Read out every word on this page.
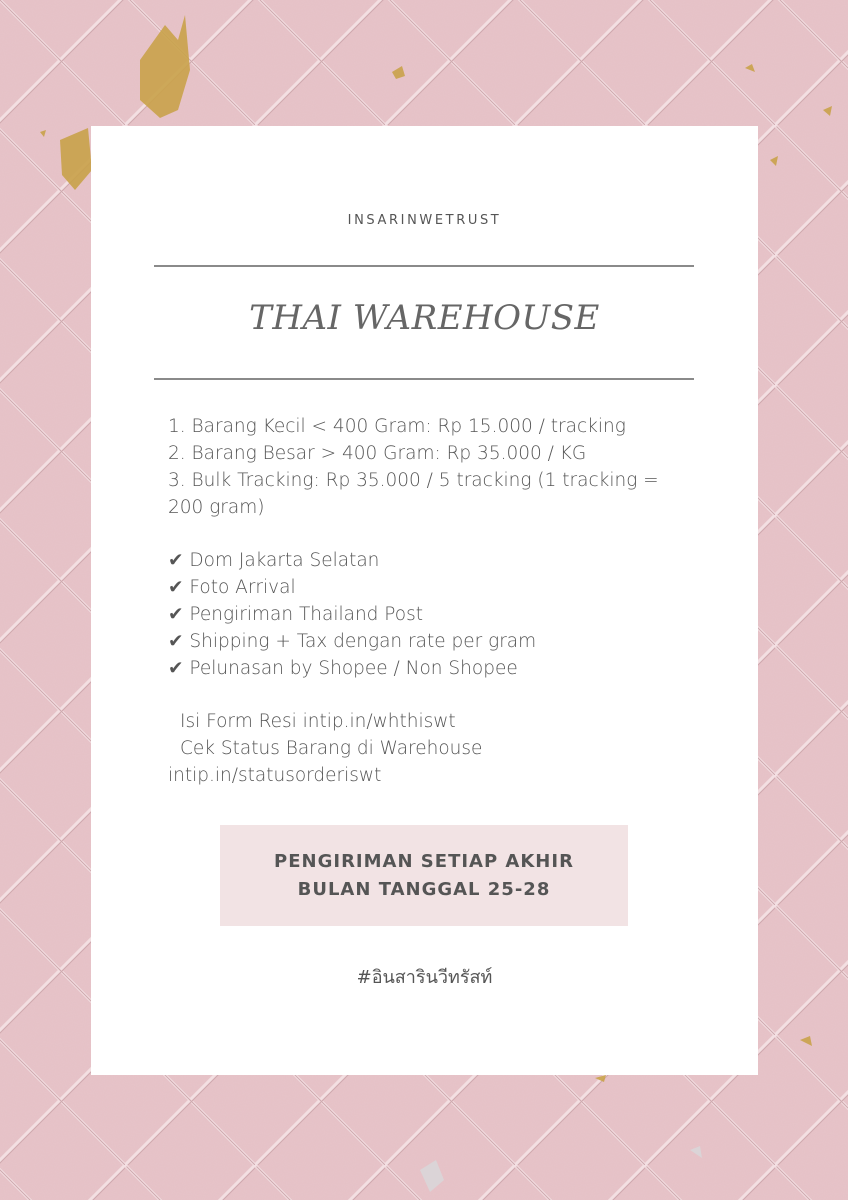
INSARINWETRUST
THAI WAREHOUSE
1. Barang Kecil < 400 Gram: Rp 15.000 / tracking
2. Barang Besar > 400 Gram: Rp 35.000 / KG
3. Bulk Tracking: Rp 35.000 / 5 tracking (1 tracking = 200 gram)
✔ Dom Jakarta Selatan
✔ Foto Arrival
✔ Pengiriman Thailand Post
✔ Shipping + Tax dengan rate per gram
✔ Pelunasan by Shopee / Non Shopee
Isi Form Resi intip.in/whthiswt
Cek Status Barang di Warehouse
intip.in/statusorderiswt
PENGIRIMAN SETIAP AKHIR
BULAN TANGGAL 25-28
#อินสารินวีทรัสท์
